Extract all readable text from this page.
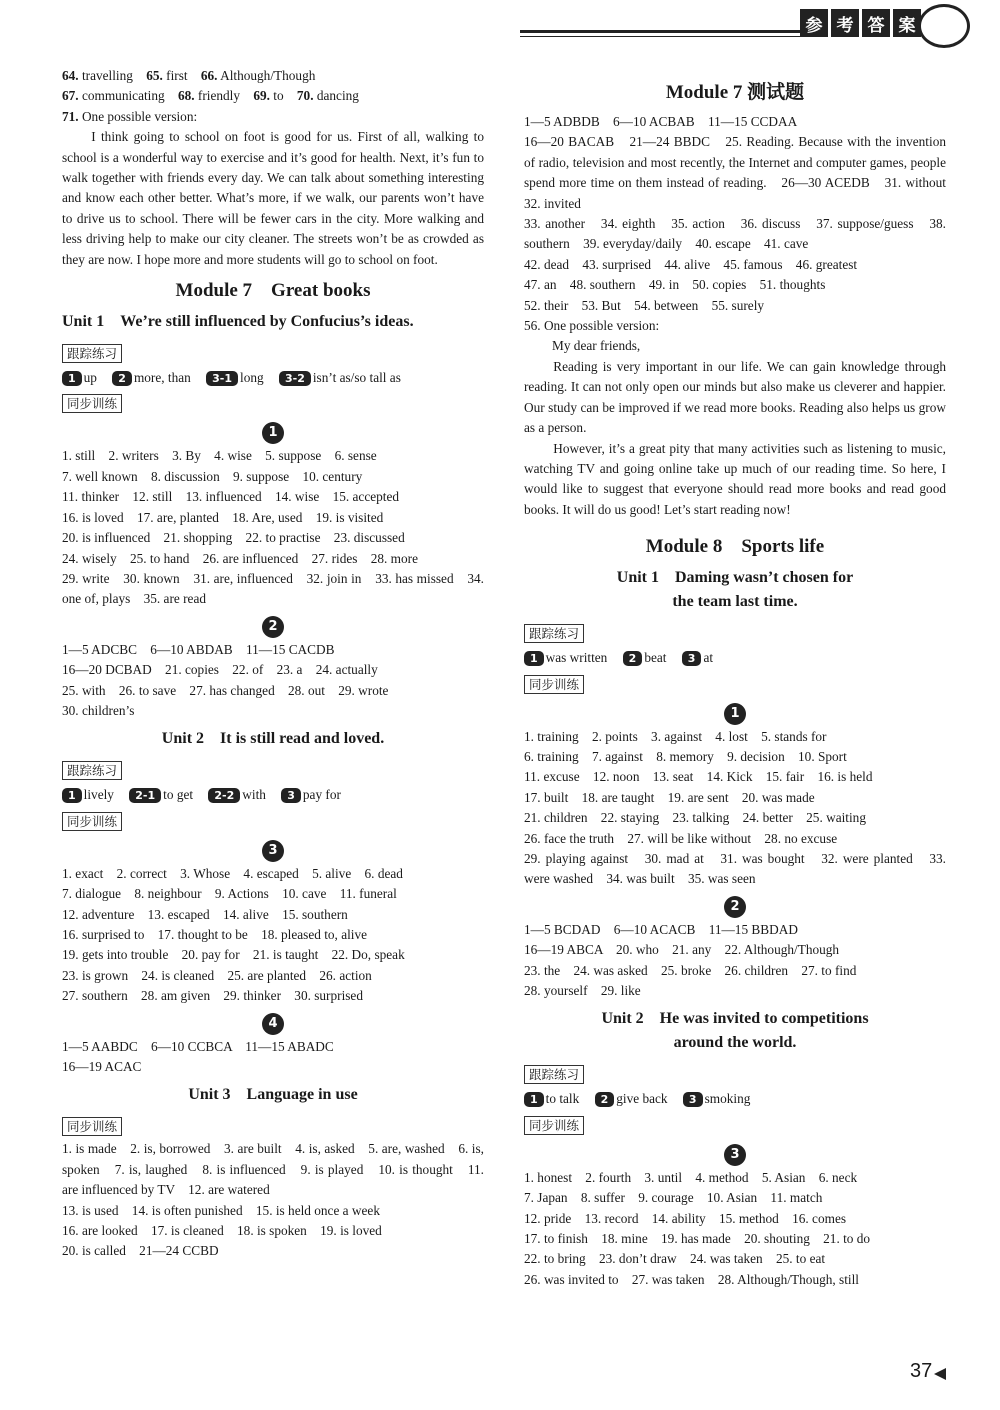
参 考 答 案

64. travelling　65. first　66. Although/Though

67. communicating　68. friendly　69. to　70. dancing

71. One possible version:

I think going to school on foot is good for us. First of all, walking to school is a wonderful way to exercise and it’s good for health. Next, it’s fun to walk together with friends every day. We can talk about something interesting and know each other better. What’s more, if we walk, our parents won’t have to drive us to school. There will be fewer cars in the city. More walking and less driving help to make our city cleaner. The streets won’t be as crowded as they are now. I hope more and more students will go to school on foot.

Module 7　Great books
Unit 1　We’re still influenced by Confucius’s ideas.
跟踪练习
1 up 2 more, than 3-1 long 3-2 isn’t as/so tall as
同步训练
1

1. still　2. writers　3. By　4. wise　5. suppose　6. sense

7. well known　8. discussion　9. suppose　10. century

11. thinker　12. still　13. influenced　14. wise　15. accepted

16. is loved　17. are, planted　18. Are, used　19. is visited

20. is influenced　21. shopping　22. to practise　23. discussed

24. wisely　25. to hand　26. are influenced　27. rides　28. more

29. write　30. known　31. are, influenced　32. join in　33. has missed　34. one of, plays　35. are read

2

1—5 ADCBC　6—10 ABDAB　11—15 CACDB

16—20 DCBAD　21. copies　22. of　23. a　24. actually

25. with　26. to save　27. has changed　28. out　29. wrote

30. children’s

Unit 2　It is still read and loved.
跟踪练习
1 lively 2-1 to get 2-2 with 3 pay for
同步训练
3

1. exact　2. correct　3. Whose　4. escaped　5. alive　6. dead

7. dialogue　8. neighbour　9. Actions　10. cave　11. funeral

12. adventure　13. escaped　14. alive　15. southern

16. surprised to　17. thought to be　18. pleased to, alive

19. gets into trouble　20. pay for　21. is taught　22. Do, speak

23. is grown　24. is cleaned　25. are planted　26. action

27. southern　28. am given　29. thinker　30. surprised

4

1—5 AABDC　6—10 CCBCA　11—15 ABADC

16—19 ACAC

Unit 3　Language in use
同步训练

1. is made　2. is, borrowed　3. are built　4. is, asked　5. are, washed　6. is, spoken　7. is, laughed　8. is influenced　9. is played　10. is thought　11. are influenced by TV　12. are watered

13. is used　14. is often punished　15. is held once a week

16. are looked　17. is cleaned　18. is spoken　19. is loved

20. is called　21—24 CCBD

Module 7 测试题

1—5 ADBDB　6—10 ACBAB　11—15 CCDAA

16—20 BACAB　21—24 BBDC　25. Reading. Because with the invention of radio, television and most recently, the Internet and computer games, people spend more time on them instead of reading.　26—30 ACEDB　31. without　32. invited

33. another　34. eighth　35. action　36. discuss　37. suppose/guess　38. southern　39. everyday/daily　40. escape　41. cave

42. dead　43. surprised　44. alive　45. famous　46. greatest

47. an　48. southern　49. in　50. copies　51. thoughts

52. their　53. But　54. between　55. surely

56. One possible version:

My dear friends,

Reading is very important in our life. We can gain knowledge through reading. It can not only open our minds but also make us cleverer and happier. Our study can be improved if we read more books. Reading also helps us grow as a person.

However, it’s a great pity that many activities such as listening to music, watching TV and going online take up much of our reading time. So here, I would like to suggest that everyone should read more books and read good books. It will do us good! Let’s start reading now!

Module 8　Sports life
Unit 1　Daming wasn’t chosen for
the team last time.
跟踪练习
1 was written 2 beat 3 at
同步训练
1

1. training　2. points　3. against　4. lost　5. stands for

6. training　7. against　8. memory　9. decision　10. Sport

11. excuse　12. noon　13. seat　14. Kick　15. fair　16. is held

17. built　18. are taught　19. are sent　20. was made

21. children　22. staying　23. talking　24. better　25. waiting

26. face the truth　27. will be like without　28. no excuse

29. playing against　30. mad at　31. was bought　32. were planted　33. were washed　34. was built　35. was seen

2

1—5 BCDAD　6—10 ACACB　11—15 BBDAD

16—19 ABCA　20. who　21. any　22. Although/Though

23. the　24. was asked　25. broke　26. children　27. to find

28. yourself　29. like

Unit 2　He was invited to competitions
around the world.
跟踪练习
1 to talk 2 give back 3 smoking
同步训练
3

1. honest　2. fourth　3. until　4. method　5. Asian　6. neck

7. Japan　8. suffer　9. courage　10. Asian　11. match

12. pride　13. record　14. ability　15. method　16. comes

17. to finish　18. mine　19. has made　20. shouting　21. to do

22. to bring　23. don’t draw　24. was taken　25. to eat

26. was invited to　27. was taken　28. Although/Though, still

37
